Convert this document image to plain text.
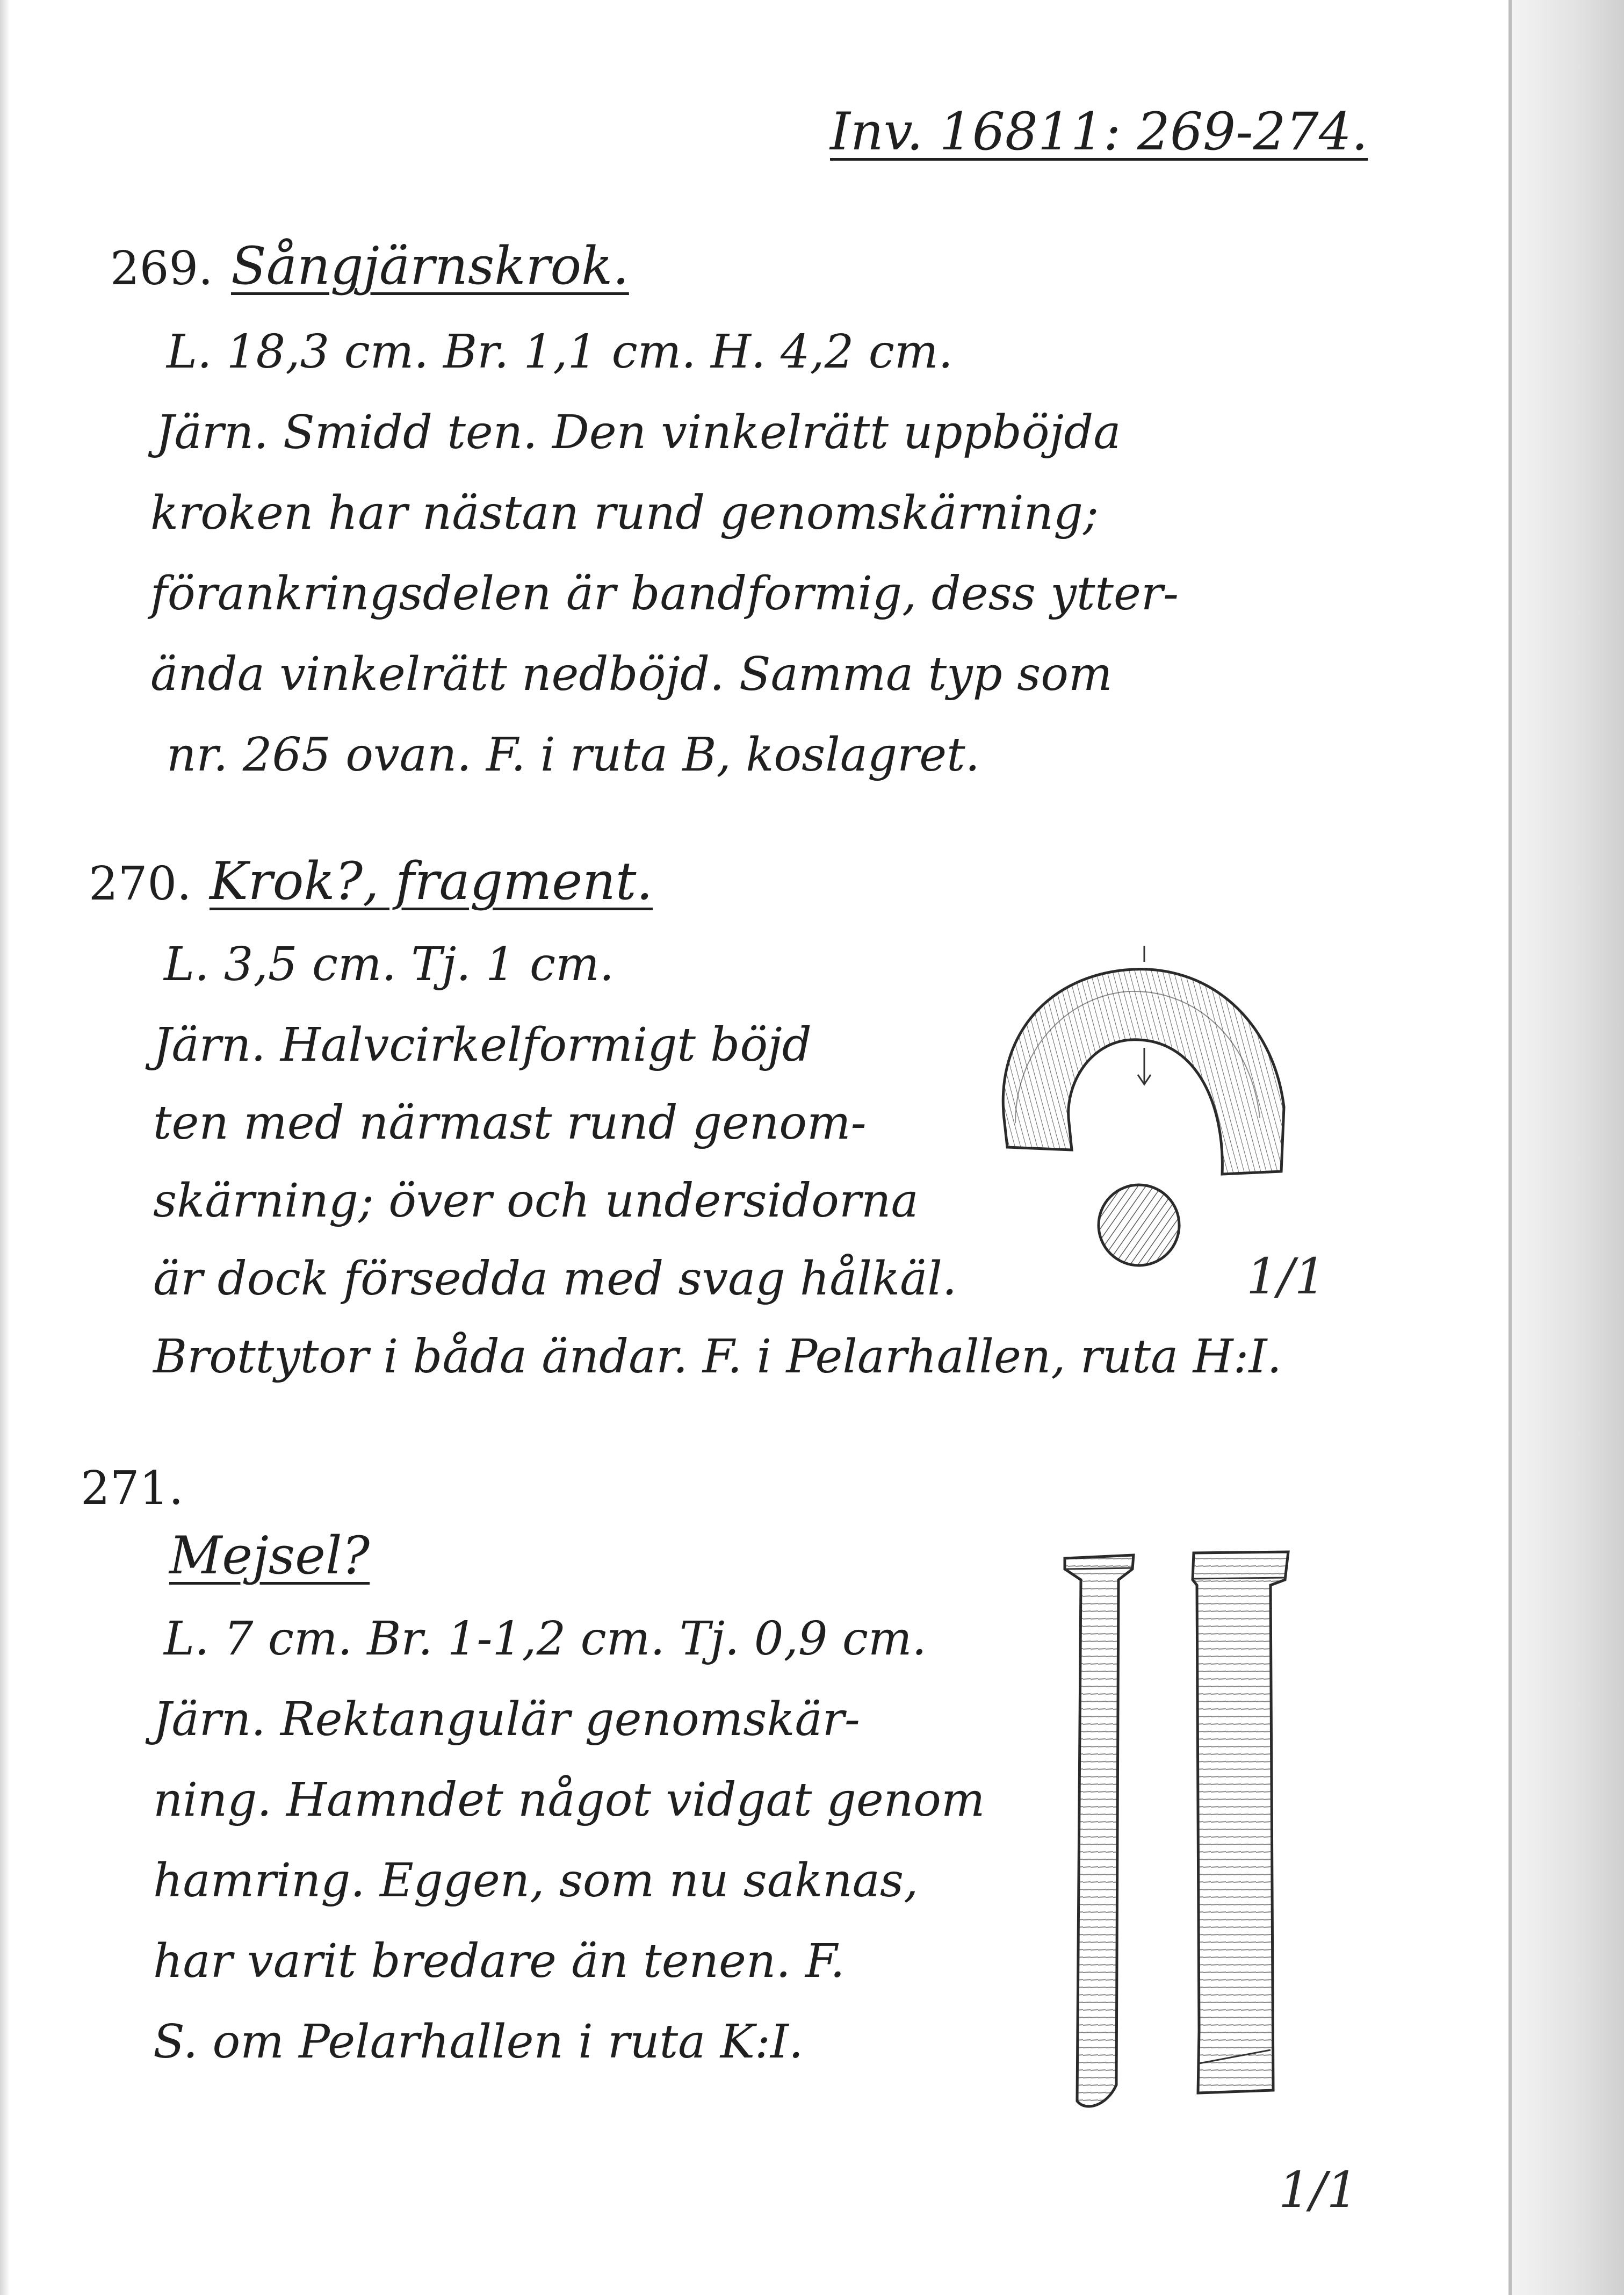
Inv. 16811: 269-274.

269. Sångjärnskrok.

L. 18,3 cm. Br. 1,1 cm. H. 4,2 cm.

Järn. Smidd ten. Den vinkelrätt uppböjda

kroken har nästan rund genomskärning;

förankringsdelen är bandformig, dess ytter-

ända vinkelrätt nedböjd. Samma typ som

nr. 265 ovan. F. i ruta B, koslagret.

270. Krok?, fragment.

L. 3,5 cm. Tj. 1 cm.

Järn. Halvcirkelformigt böjd

ten med närmast rund genom-

skärning; över och undersidorna

är dock försedda med svag hålkäl.

Brottytor i båda ändar. F. i Pelarhallen, ruta H:I.

1/1

271.

Mejsel?

L. 7 cm. Br. 1-1,2 cm. Tj. 0,9 cm.

Järn. Rektangulär genomskär-

ning. Hamndet något vidgat genom

hamring. Eggen, som nu saknas,

har varit bredare än tenen. F.

S. om Pelarhallen i ruta K:I.

1/1
